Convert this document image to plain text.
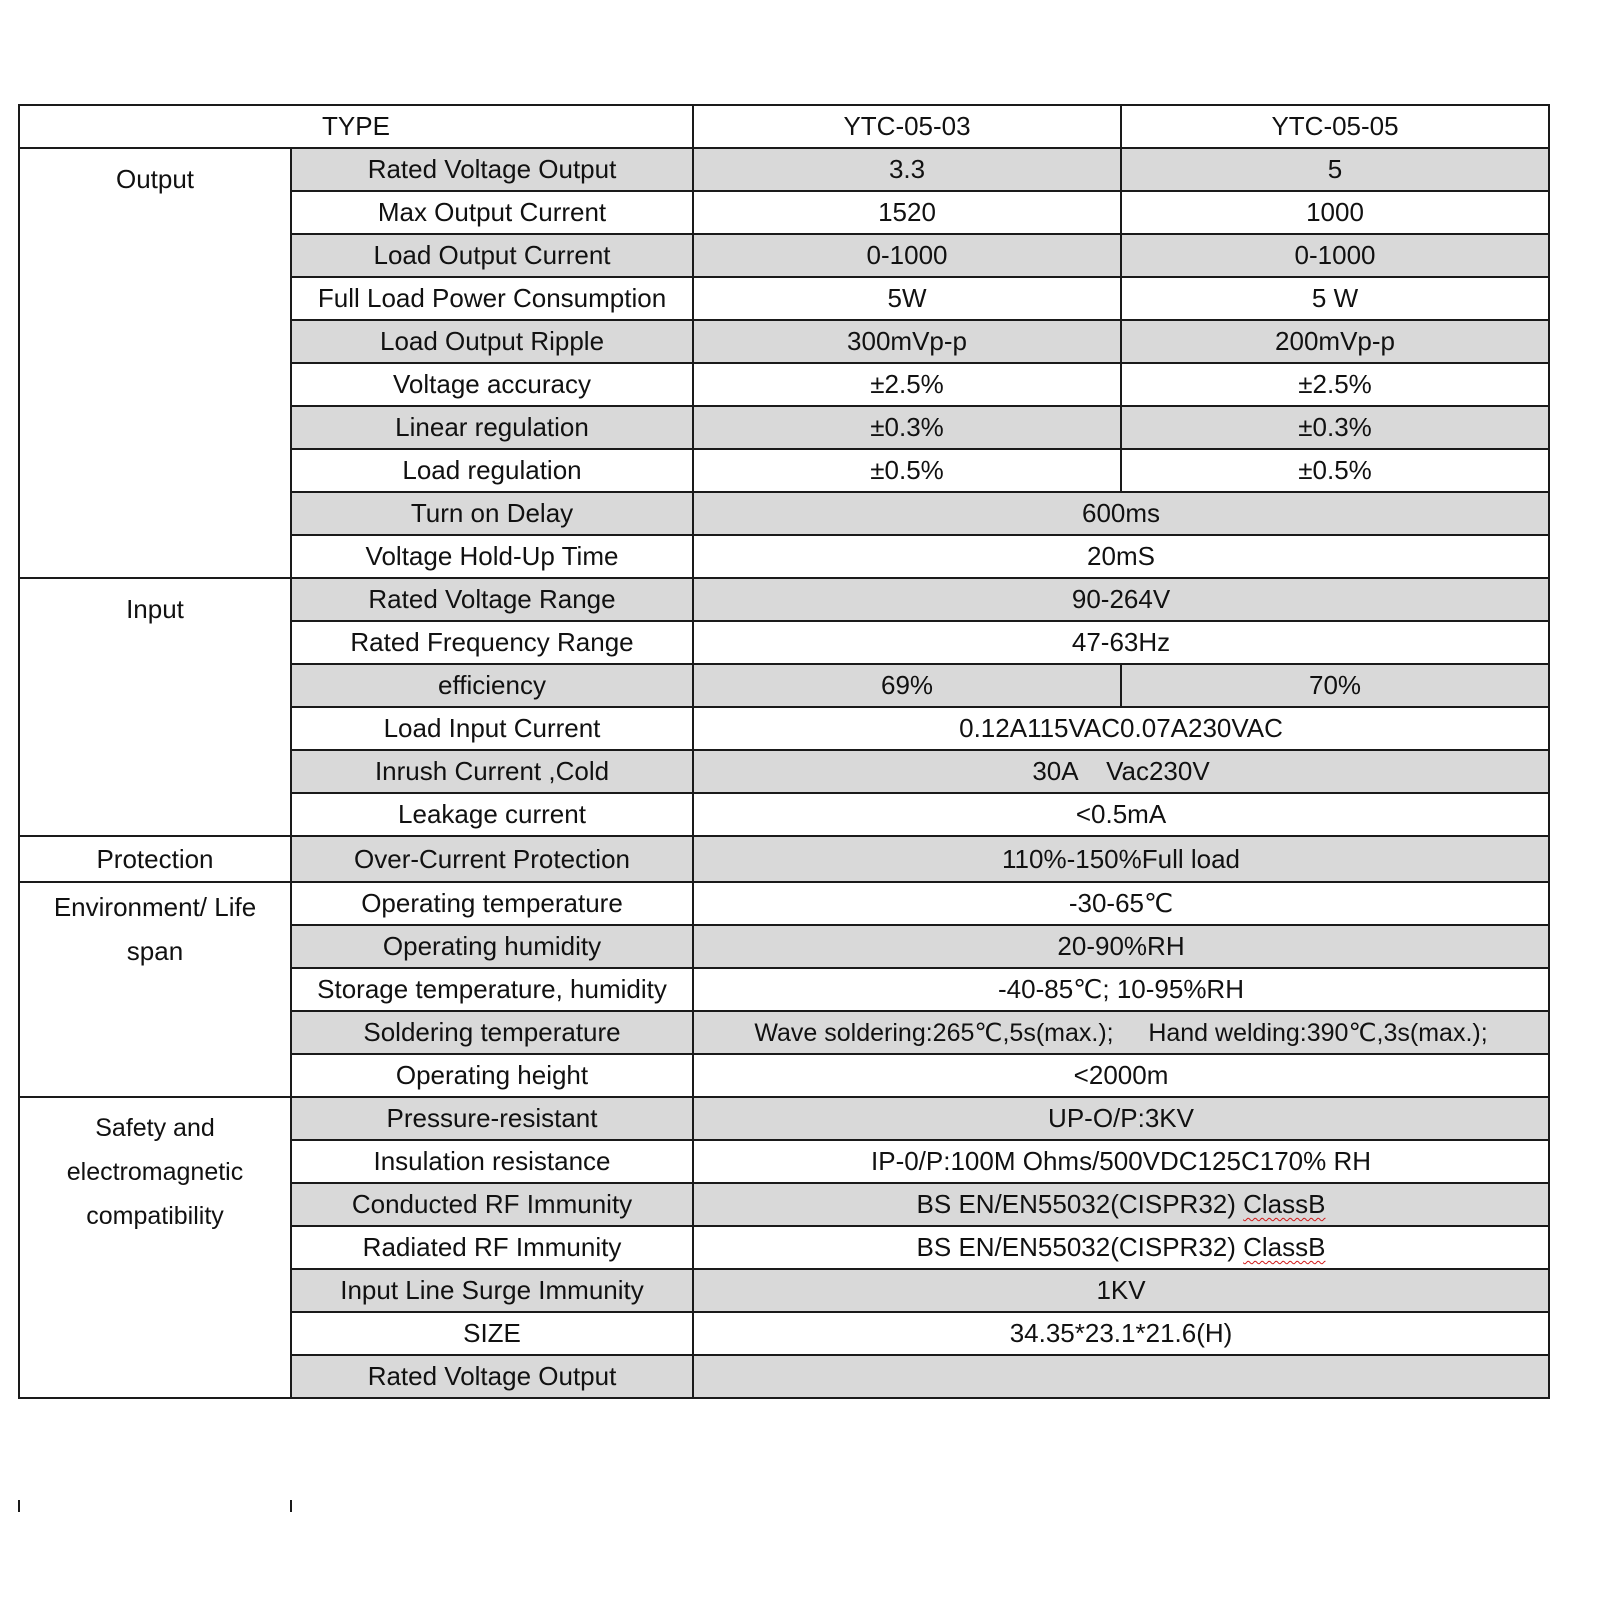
TYPE		YTC-05-03	YTC-05-05
Output	Rated Voltage Output	3.3	5
	Max Output Current	1520	1000
	Load Output Current	0-1000	0-1000
	Full Load Power Consumption	5W	5 W
	Load Output Ripple	300mVp-p	200mVp-p
	Voltage accuracy	±2.5%	±2.5%
	Linear regulation	±0.3%	±0.3%
	Load regulation	±0.5%	±0.5%
	Turn on Delay	600ms	
	Voltage Hold-Up Time	20mS	
Input	Rated Voltage Range	90-264V	
	Rated Frequency Range	47-63Hz	
	efficiency	69%	70%
	Load Input Current	0.12A115VAC0.07A230VAC	
	Inrush Current ,Cold	30A    Vac230V	
	Leakage current	<0.5mA	
Protection	Over-Current Protection	110%-150%Full load	
Environment/ Life span	Operating temperature	-30-65℃	
	Operating humidity	20-90%RH	
	Storage temperature, humidity	-40-85℃; 10-95%RH	
	Soldering temperature	Wave soldering:265℃,5s(max.);     Hand welding:390℃,3s(max.);	
	Operating height	<2000m	
Safety and electromagnetic compatibility	Pressure-resistant	UP-O/P:3KV	
	Insulation resistance	IP-0/P:100M Ohms/500VDC125C170% RH	
	Conducted RF Immunity	BS EN/EN55032(CISPR32) ClassB	
	Radiated RF Immunity	BS EN/EN55032(CISPR32) ClassB	
	Input Line Surge Immunity	1KV	
	SIZE	34.35*23.1*21.6(H)	
	Rated Voltage Output		
